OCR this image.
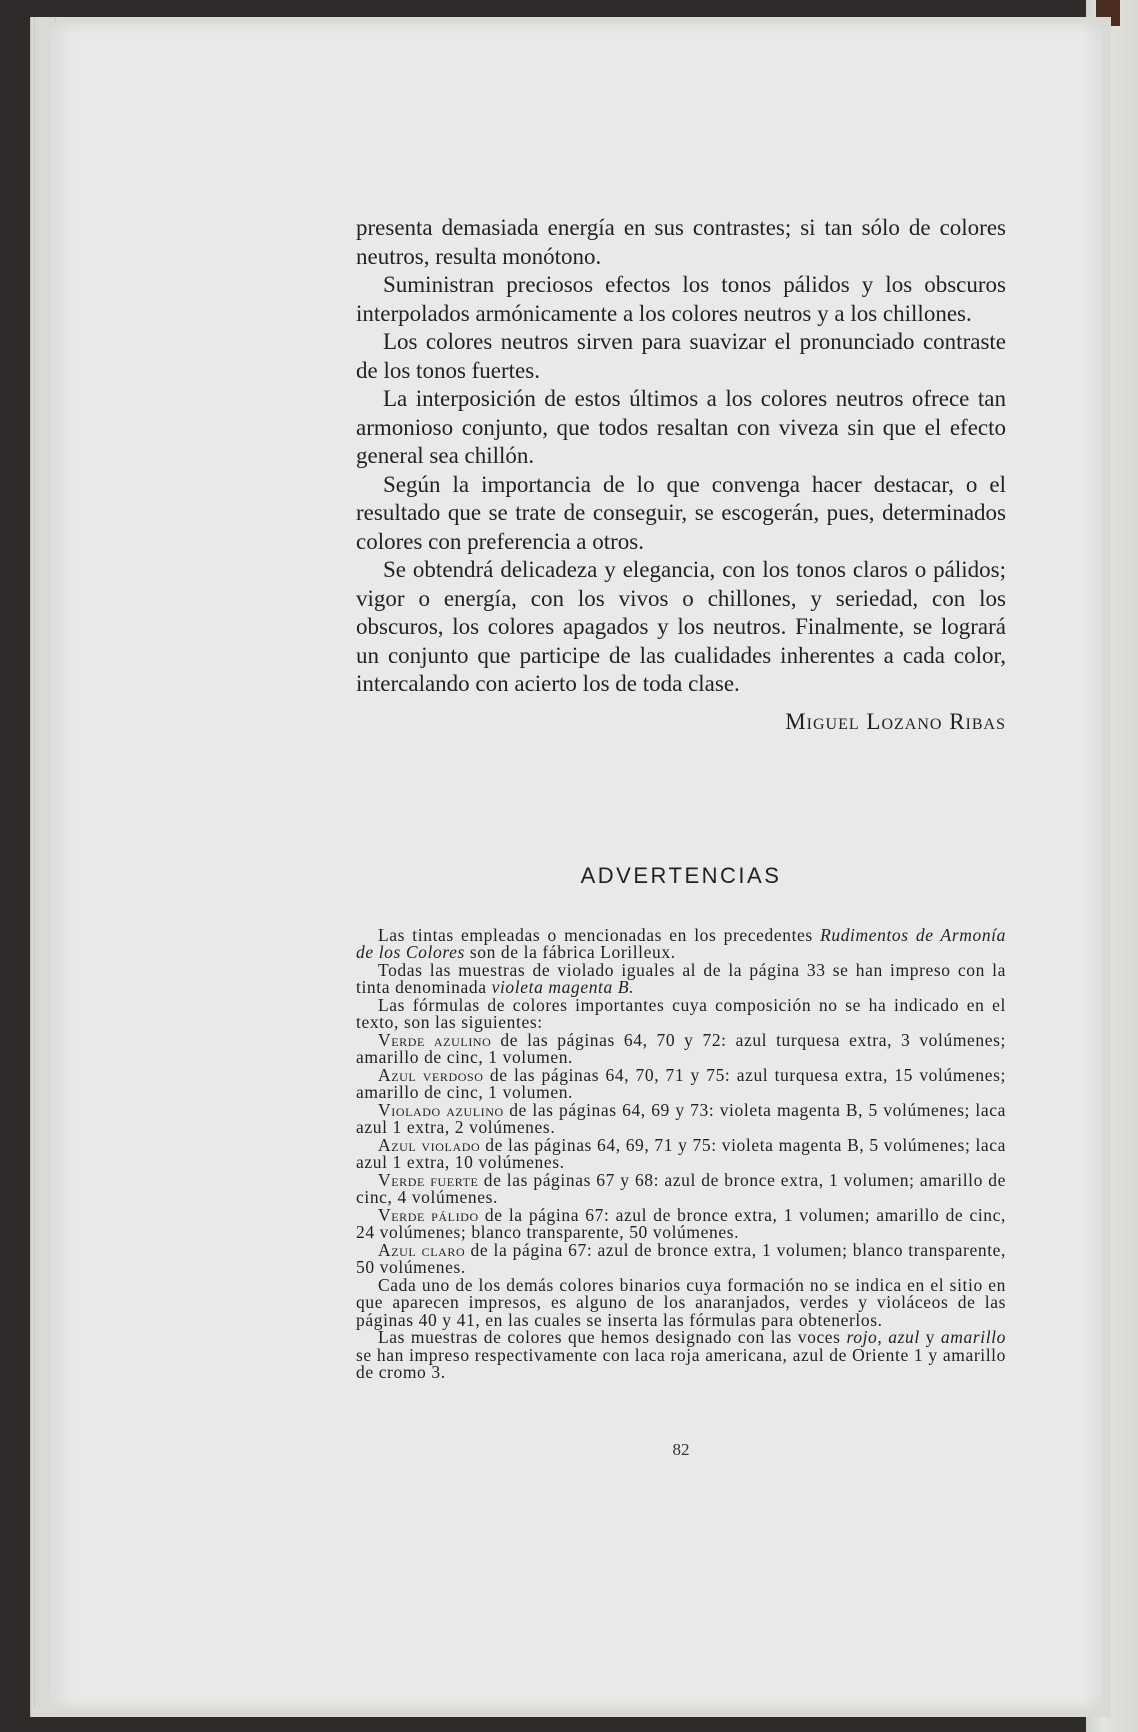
presenta demasiada energía en sus contrastes; si tan sólo de colores neutros, resulta monótono.

Suministran preciosos efectos los tonos pálidos y los obscuros interpolados armónicamente a los colores neutros y a los chillones.

Los colores neutros sirven para suavizar el pronunciado contraste de los tonos fuertes.

La interposición de estos últimos a los colores neutros ofrece tan armonioso conjunto, que todos resaltan con viveza sin que el efecto general sea chillón.

Según la importancia de lo que convenga hacer destacar, o el resultado que se trate de conseguir, se escogerán, pues, determinados colores con preferencia a otros.

Se obtendrá delicadeza y elegancia, con los tonos claros o pálidos; vigor o energía, con los vivos o chillones, y seriedad, con los obscuros, los colores apagados y los neutros. Finalmente, se logrará un conjunto que participe de las cualidades inherentes a cada color, intercalando con acierto los de toda clase.

Miguel Lozano Ribas
ADVERTENCIAS

Las tintas empleadas o mencionadas en los precedentes Rudimentos de Armonía de los Colores son de la fábrica Lorilleux.

Todas las muestras de violado iguales al de la página 33 se han impreso con la tinta denominada violeta magenta B.

Las fórmulas de colores importantes cuya composición no se ha indicado en el texto, son las siguientes:

Verde azulino de las páginas 64, 70 y 72: azul turquesa extra, 3 volúmenes; amarillo de cinc, 1 volumen.

Azul verdoso de las páginas 64, 70, 71 y 75: azul turquesa extra, 15 volúmenes; amarillo de cinc, 1 volumen.

Violado azulino de las páginas 64, 69 y 73: violeta magenta B, 5 volúmenes; laca azul 1 extra, 2 volúmenes.

Azul violado de las páginas 64, 69, 71 y 75: violeta magenta B, 5 volúmenes; laca azul 1 extra, 10 volúmenes.

Verde fuerte de las páginas 67 y 68: azul de bronce extra, 1 volumen; amarillo de cinc, 4 volúmenes.

Verde pálido de la página 67: azul de bronce extra, 1 volumen; amarillo de cinc, 24 volúmenes; blanco transparente, 50 volúmenes.

Azul claro de la página 67: azul de bronce extra, 1 volumen; blanco transparente, 50 volúmenes.

Cada uno de los demás colores binarios cuya formación no se indica en el sitio en que aparecen impresos, es alguno de los anaranjados, verdes y violáceos de las páginas 40 y 41, en las cuales se inserta las fórmulas para obtenerlos.

Las muestras de colores que hemos designado con las voces rojo, azul y amarillo se han impreso respectivamente con laca roja americana, azul de Oriente 1 y amarillo de cromo 3.

82
